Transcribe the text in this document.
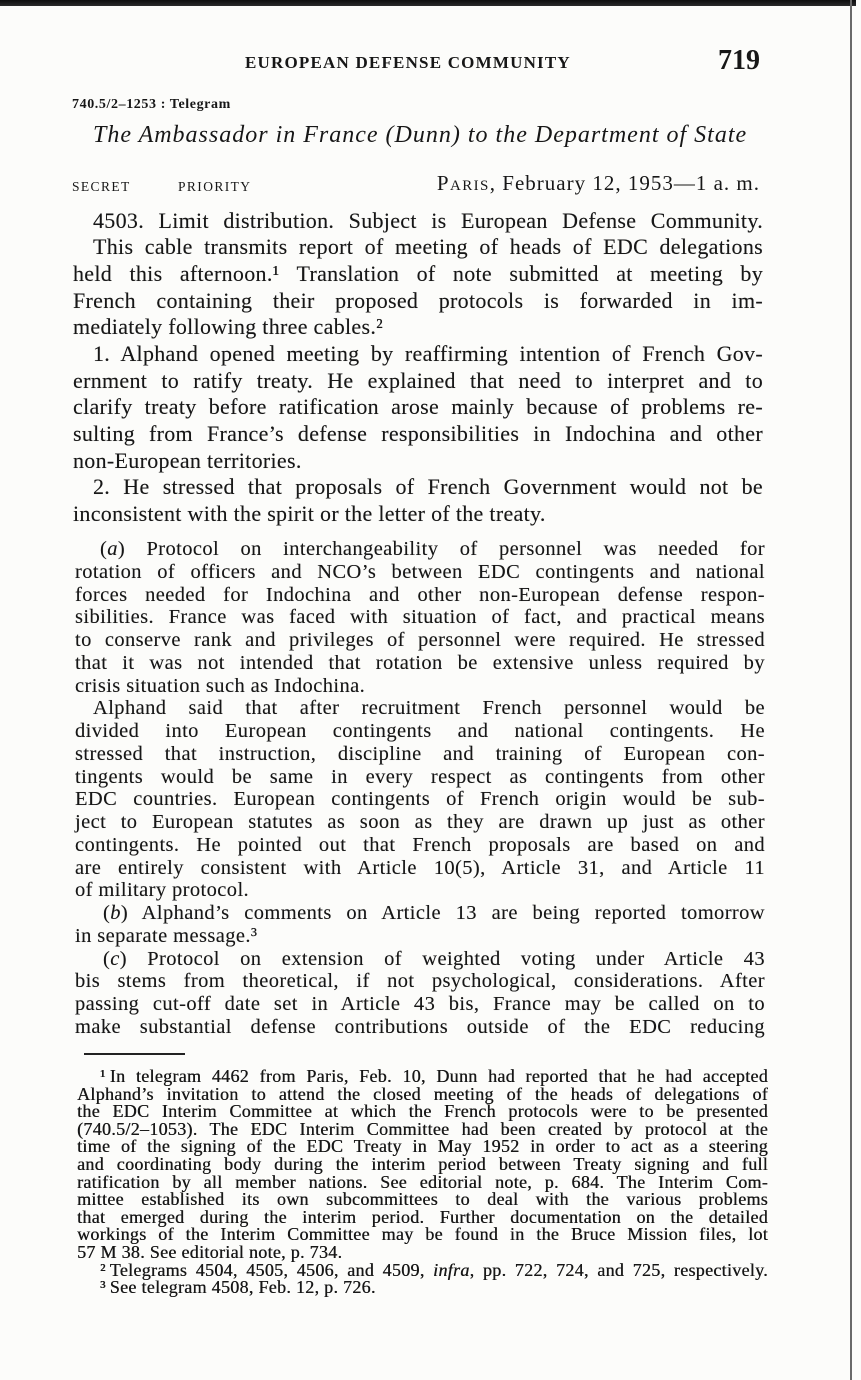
EUROPEAN DEFENSE COMMUNITY	719
740.5/2–1253 : Telegram
The Ambassador in France (Dunn) to the Department of State
SECRET	PRIORITY	Paris, February 12, 1953—1 a. m.
4503. Limit distribution. Subject is European Defense Community.
This cable transmits report of meeting of heads of EDC delegations
held this afternoon.¹ Translation of note submitted at meeting by
French containing their proposed protocols is forwarded in im-
mediately following three cables.²
1. Alphand opened meeting by reaffirming intention of French Gov-
ernment to ratify treaty. He explained that need to interpret and to
clarify treaty before ratification arose mainly because of problems re-
sulting from France’s defense responsibilities in Indochina and other
non-European territories.
2. He stressed that proposals of French Government would not be
inconsistent with the spirit or the letter of the treaty.
(a) Protocol on interchangeability of personnel was needed for
rotation of officers and NCO’s between EDC contingents and national
forces needed for Indochina and other non-European defense respon-
sibilities. France was faced with situation of fact, and practical means
to conserve rank and privileges of personnel were required. He stressed
that it was not intended that rotation be extensive unless required by
crisis situation such as Indochina.
Alphand said that after recruitment French personnel would be
divided into European contingents and national contingents. He
stressed that instruction, discipline and training of European con-
tingents would be same in every respect as contingents from other
EDC countries. European contingents of French origin would be sub-
ject to European statutes as soon as they are drawn up just as other
contingents. He pointed out that French proposals are based on and
are entirely consistent with Article 10(5), Article 31, and Article 11
of military protocol.
(b) Alphand’s comments on Article 13 are being reported tomorrow
in separate message.³
(c) Protocol on extension of weighted voting under Article 43
bis stems from theoretical, if not psychological, considerations. After
passing cut-off date set in Article 43 bis, France may be called on to
make substantial defense contributions outside of the EDC reducing
¹ In telegram 4462 from Paris, Feb. 10, Dunn had reported that he had accepted
Alphand’s invitation to attend the closed meeting of the heads of delegations of
the EDC Interim Committee at which the French protocols were to be presented
(740.5/2–1053). The EDC Interim Committee had been created by protocol at the
time of the signing of the EDC Treaty in May 1952 in order to act as a steering
and coordinating body during the interim period between Treaty signing and full
ratification by all member nations. See editorial note, p. 684. The Interim Com-
mittee established its own subcommittees to deal with the various problems
that emerged during the interim period. Further documentation on the detailed
workings of the Interim Committee may be found in the Bruce Mission files, lot
57 M 38. See editorial note, p. 734.
² Telegrams 4504, 4505, 4506, and 4509, infra, pp. 722, 724, and 725, respectively.
³ See telegram 4508, Feb. 12, p. 726.
